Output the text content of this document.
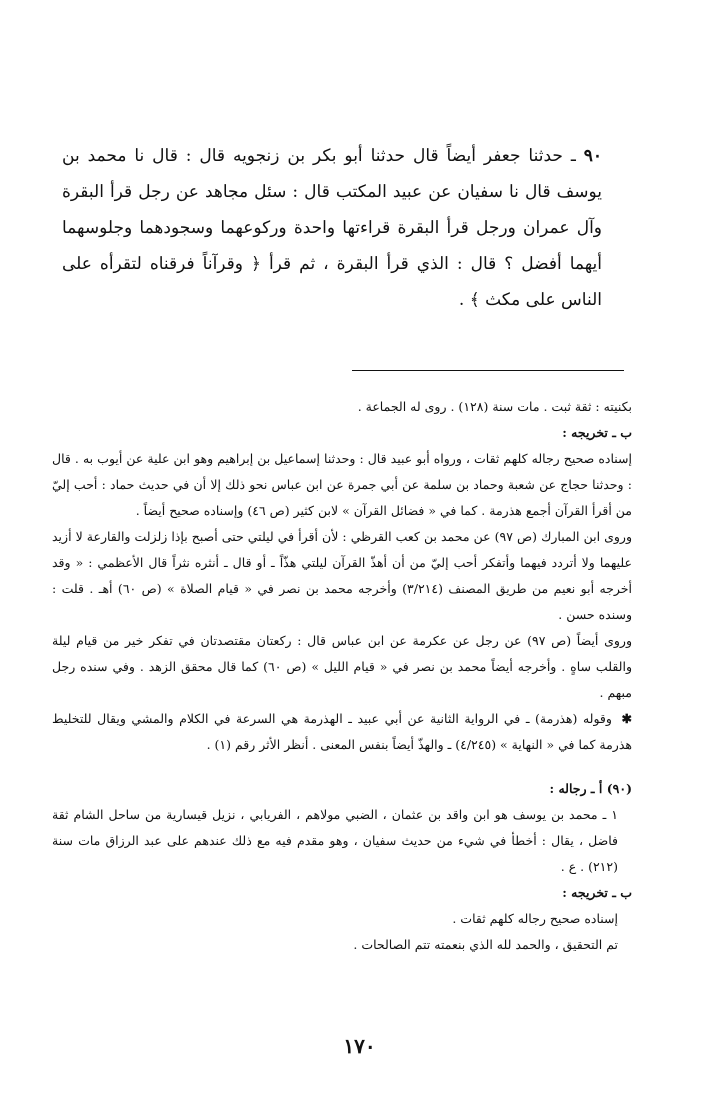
٩٠ ـ حدثنا جعفر أيضاً قال حدثنا أبو بكر بن زنجويه قال : قال نا محمد بن يوسف قال نا سفيان عن عبيد المكتب قال : سئل مجاهد عن رجل قرأ البقرة وآل عمران ورجل قرأ البقرة قراءتها واحدة وركوعهما وسجودهما وجلوسهما أيهما أفضل ؟ قال : الذي قرأ البقرة ، ثم قرأ ﴿ وقرآناً فرقناه لتقرأه على الناس على مكث ﴾ .

بكنيته : ثقة ثبت . مات سنة (١٢٨) . روى له الجماعة .

ب ـ تخريجه :

إسناده صحيح رجاله كلهم ثقات ، ورواه أبو عبيد قال : وحدثنا إسماعيل بن إبراهيم وهو ابن علية عن أيوب به . قال : وحدثنا حجاج عن شعبة وحماد بن سلمة عن أبي جمرة عن ابن عباس نحو ذلك إلا أن في حديث حماد : أحب إليّ من أقرأ القرآن أجمع هذرمة . كما في « فضائل القرآن » لابن كثير (ص ٤٦) وإسناده صحيح أيضاً .

وروى ابن المبارك (ص ٩٧) عن محمد بن كعب القرظي : لأن أقرأ في ليلتي حتى أصبح بإذا زلزلت والقارعة لا أزيد عليهما ولا أتردد فيهما وأتفكر أحب إليّ من أن أهذّ القرآن ليلتي هذّاً ـ أو قال ـ أنثره نثراً قال الأعظمي : « وقد أخرجه أبو نعيم من طريق المصنف (٣/٢١٤) وأخرجه محمد بن نصر في « قيام الصلاة » (ص ٦٠) أهـ . قلت : وسنده حسن .

وروى أيضاً (ص ٩٧) عن رجل عن عكرمة عن ابن عباس قال : ركعتان مقتصدتان في تفكر خير من قيام ليلة والقلب ساهٍ . وأخرجه أيضاً محمد بن نصر في « قيام الليل » (ص ٦٠) كما قال محقق الزهد . وفي سنده رجل مبهم .

✱ وقوله (هذرمة) ـ في الرواية الثانية عن أبي عبيد ـ الهذرمة هي السرعة في الكلام والمشي ويقال للتخليط هذرمة كما في « النهاية » (٤/٢٤٥) ـ والهذّ أيضاً بنفس المعنى . أنظر الأثر رقم (١) .

(٩٠) أ ـ رجاله :

١ ـ محمد بن يوسف هو ابن واقد بن عثمان ، الضبي مولاهم ، الفريابي ، نزيل قيسارية من ساحل الشام ثقة فاضل ، يقال : أخطأ في شيء من حديث سفيان ، وهو مقدم فيه مع ذلك عندهم على عبد الرزاق مات سنة (٢١٢) . ع .

ب ـ تخريجه :

إسناده صحيح رجاله كلهم ثقات .

تم التحقيق ، والحمد لله الذي بنعمته تتم الصالحات .

١٧٠
